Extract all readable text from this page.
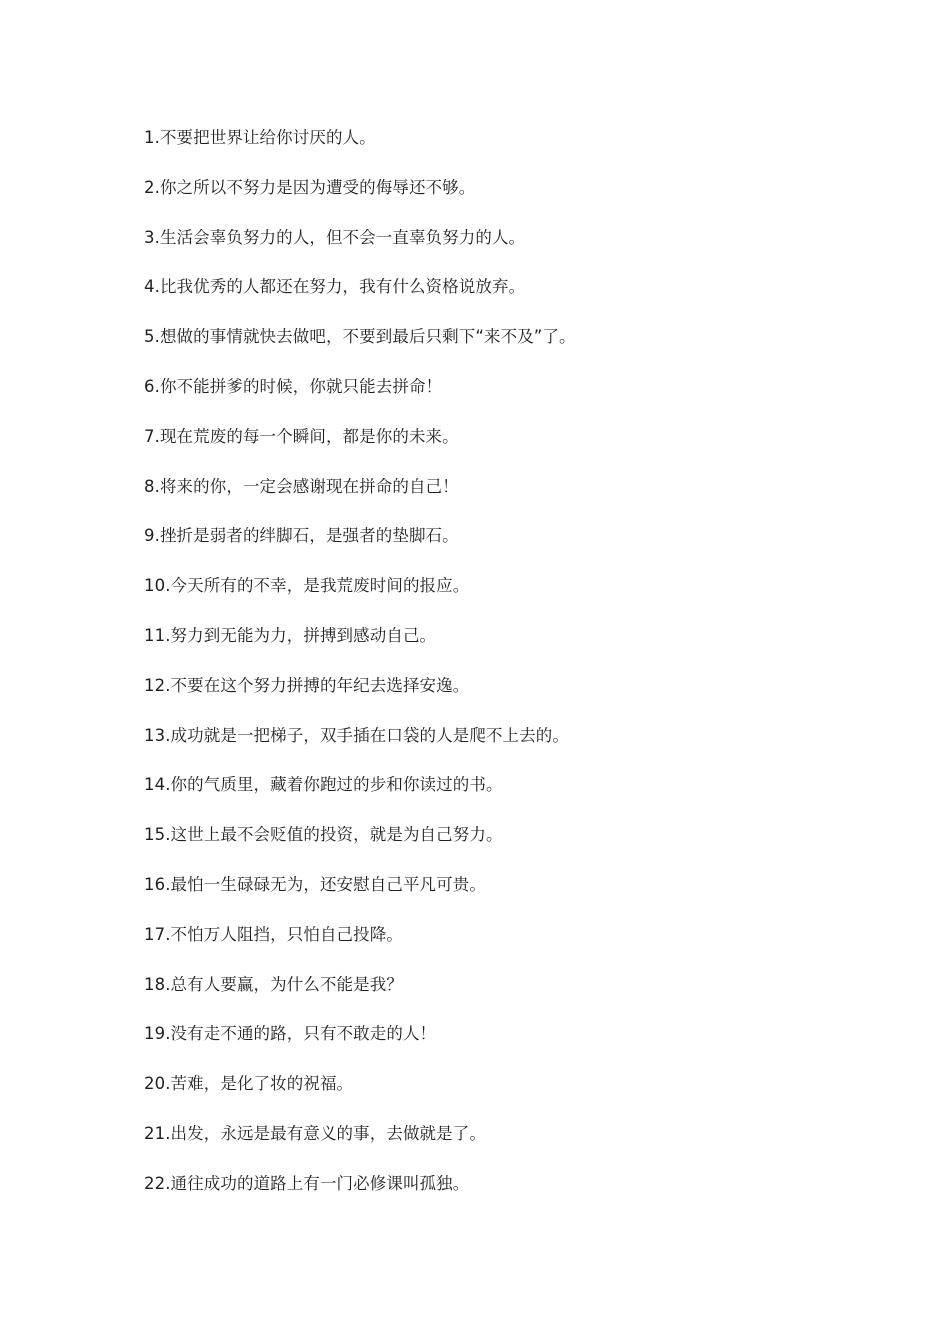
1.不要把世界让给你讨厌的人。
2.你之所以不努力是因为遭受的侮辱还不够。
3.生活会辜负努力的人，但不会一直辜负努力的人。
4.比我优秀的人都还在努力，我有什么资格说放弃。
5.想做的事情就快去做吧，不要到最后只剩下“来不及”了。
6.你不能拼爹的时候，你就只能去拼命！
7.现在荒废的每一个瞬间，都是你的未来。
8.将来的你，一定会感谢现在拼命的自己！
9.挫折是弱者的绊脚石，是强者的垫脚石。
10.今天所有的不幸，是我荒废时间的报应。
11.努力到无能为力，拼搏到感动自己。
12.不要在这个努力拼搏的年纪去选择安逸。
13.成功就是一把梯子，双手插在口袋的人是爬不上去的。
14.你的气质里，藏着你跑过的步和你读过的书。
15.这世上最不会贬值的投资，就是为自己努力。
16.最怕一生碌碌无为，还安慰自己平凡可贵。
17.不怕万人阻挡，只怕自己投降。
18.总有人要赢，为什么不能是我？
19.没有走不通的路，只有不敢走的人！
20.苦难，是化了妆的祝福。
21.出发，永远是最有意义的事，去做就是了。
22.通往成功的道路上有一门必修课叫孤独。
